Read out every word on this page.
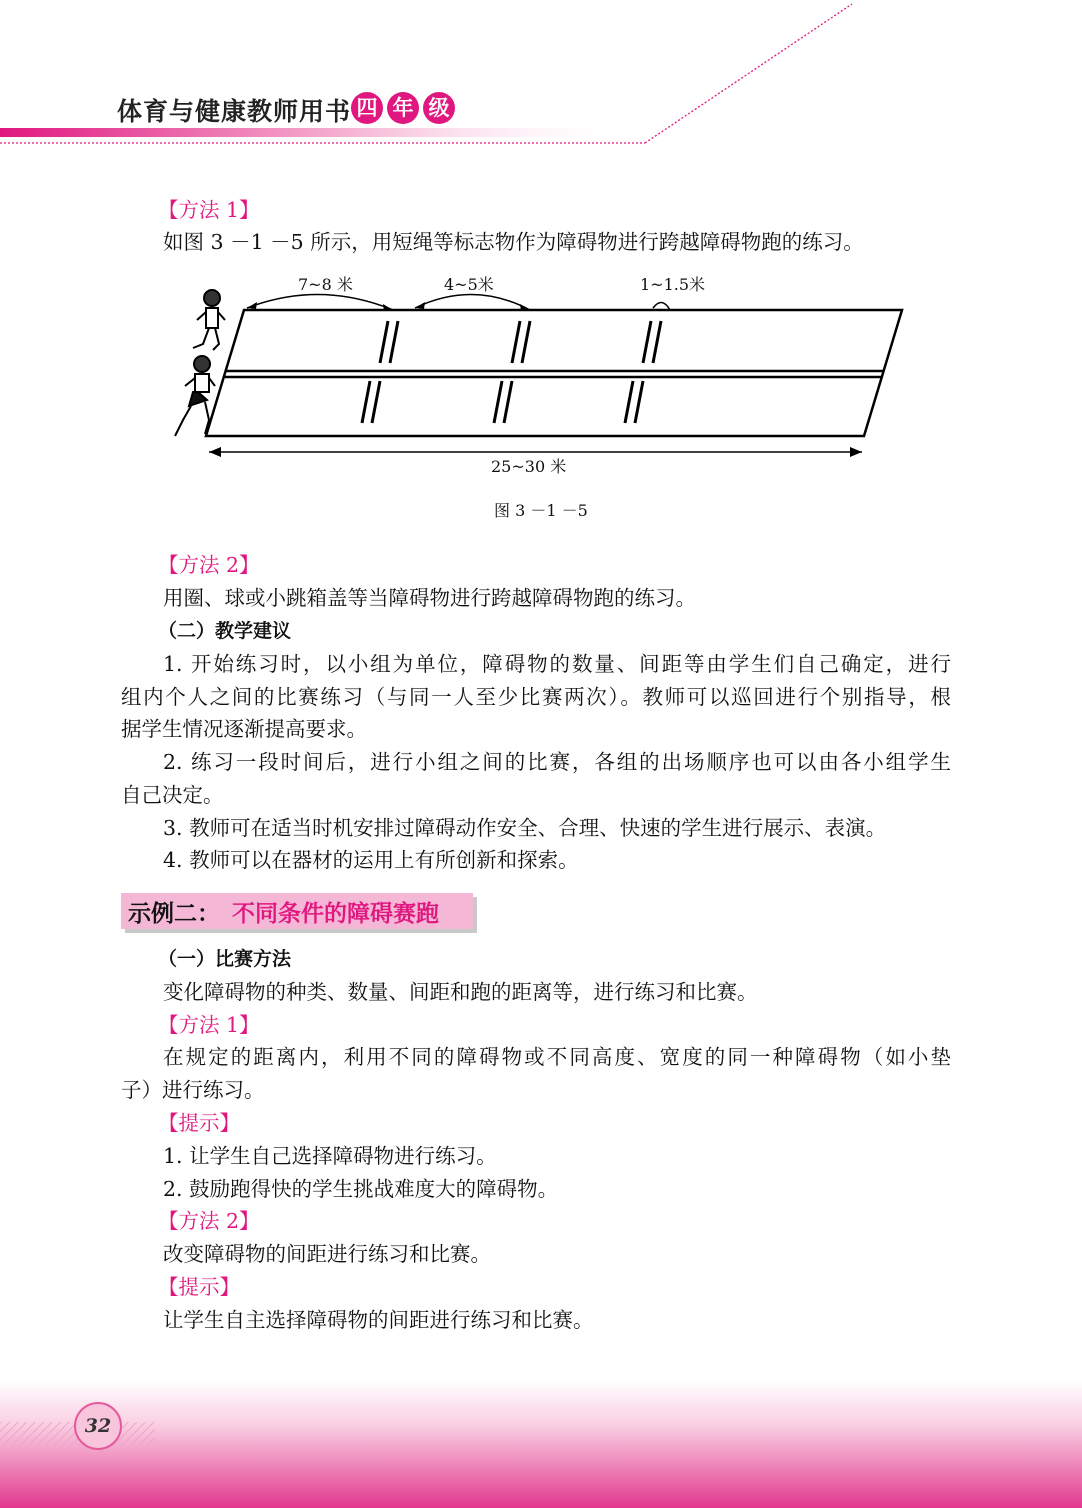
体育与健康教师用书 四 年 级
【方法 1】
如图 3 －1 －5 所示，用短绳等标志物作为障碍物进行跨越障碍物跑的练习。
7~8 米	4~5米	1~1.5米
25~30 米
图 3 －1 －5
【方法 2】
用圈、球或小跳箱盖等当障碍物进行跨越障碍物跑的练习。
（二）教学建议
1. 开始练习时，以小组为单位，障碍物的数量、间距等由学生们自己确定，进行
组内个人之间的比赛练习（与同一人至少比赛两次）。教师可以巡回进行个别指导，根
据学生情况逐渐提高要求。
2. 练习一段时间后，进行小组之间的比赛，各组的出场顺序也可以由各小组学生
自己决定。
3. 教师可在适当时机安排过障碍动作安全、合理、快速的学生进行展示、表演。
4. 教师可以在器材的运用上有所创新和探索。
示例二： 不同条件的障碍赛跑
（一）比赛方法
变化障碍物的种类、数量、间距和跑的距离等，进行练习和比赛。
【方法 1】
在规定的距离内，利用不同的障碍物或不同高度、宽度的同一种障碍物（如小垫
子）进行练习。
【提示】
1. 让学生自己选择障碍物进行练习。
2. 鼓励跑得快的学生挑战难度大的障碍物。
【方法 2】
改变障碍物的间距进行练习和比赛。
【提示】
让学生自主选择障碍物的间距进行练习和比赛。
32
